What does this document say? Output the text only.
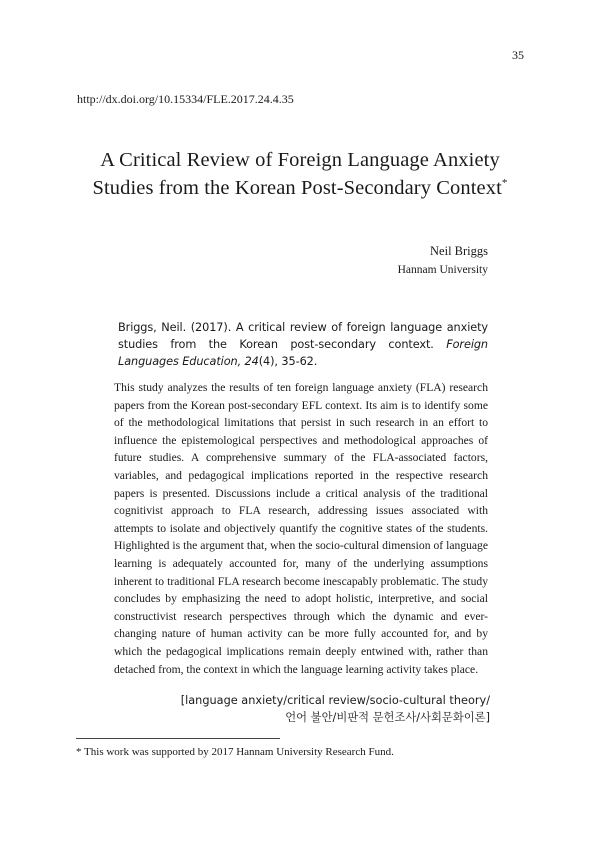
35
http://dx.doi.org/10.15334/FLE.2017.24.4.35
A Critical Review of Foreign Language Anxiety
Studies from the Korean Post-Secondary Context*
Neil Briggs
Hannam University
Briggs, Neil. (2017). A critical review of foreign language anxiety studies from the Korean post-secondary context. Foreign Languages Education, 24(4), 35-62.
This study analyzes the results of ten foreign language anxiety (FLA) research papers from the Korean post-secondary EFL context. Its aim is to identify some of the methodological limitations that persist in such research in an effort to influence the epistemological perspectives and methodological approaches of future studies. A comprehensive summary of the FLA-associated factors, variables, and pedagogical implications reported in the respective research papers is presented. Discussions include a critical analysis of the traditional cognitivist approach to FLA research, addressing issues associated with attempts to isolate and objectively quantify the cognitive states of the students. Highlighted is the argument that, when the socio-cultural dimension of language learning is adequately accounted for, many of the underlying assumptions inherent to traditional FLA research become inescapably problematic. The study concludes by emphasizing the need to adopt holistic, interpretive, and social constructivist research perspectives through which the dynamic and ever-changing nature of human activity can be more fully accounted for, and by which the pedagogical implications remain deeply entwined with, rather than detached from, the context in which the language learning activity takes place.
[language anxiety/critical review/socio-cultural theory/
언어 불안/비판적 문헌조사/사회문화이론]
* This work was supported by 2017 Hannam University Research Fund.
